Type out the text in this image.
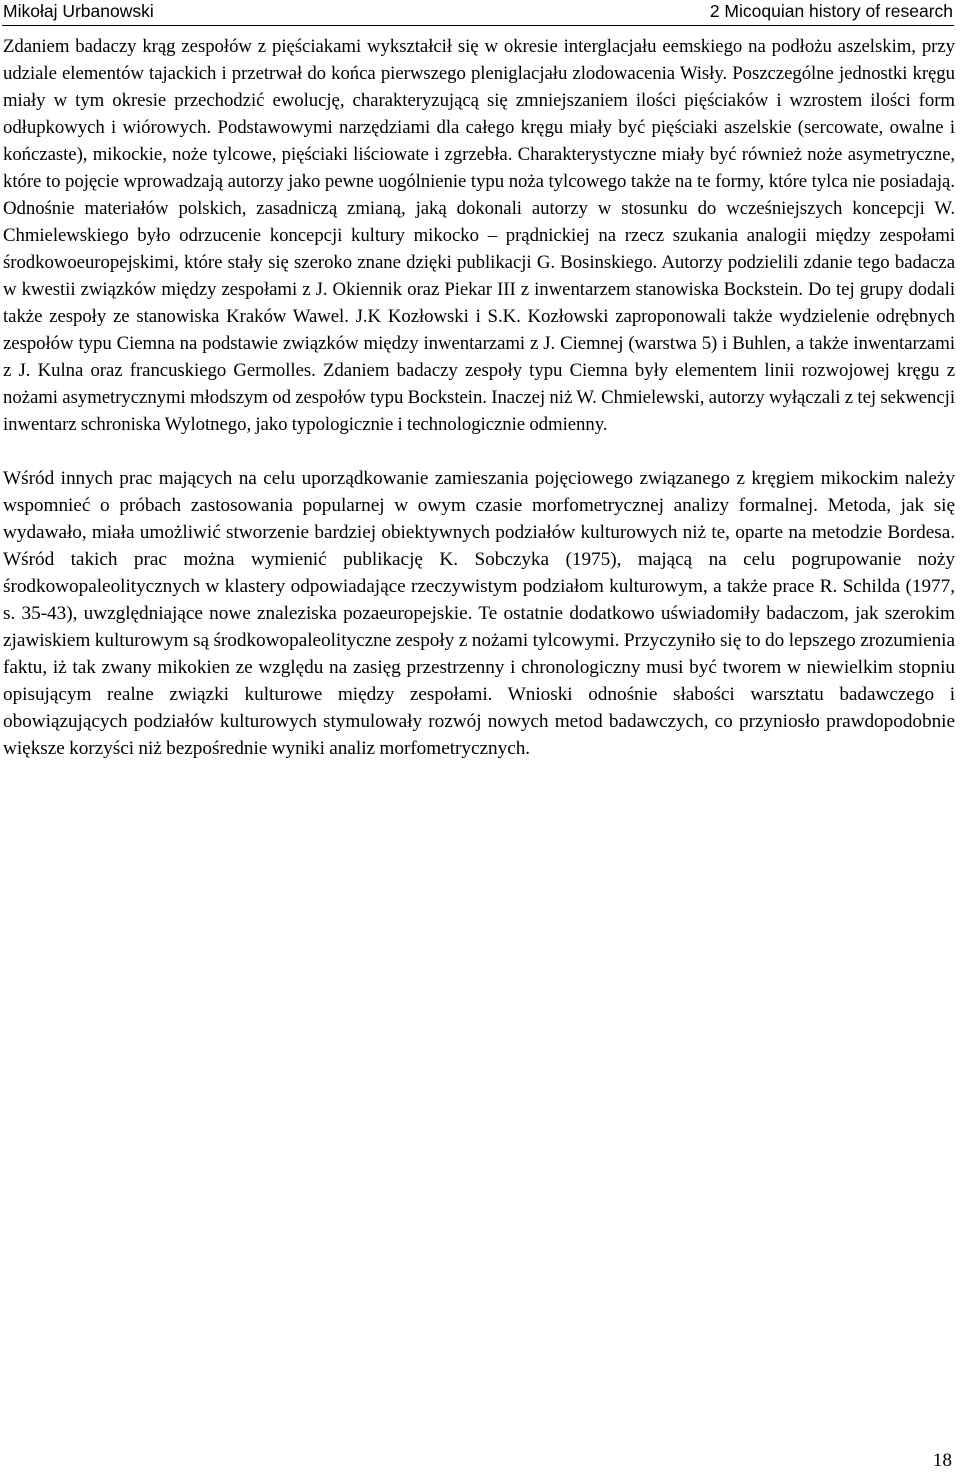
Mikołaj Urbanowski	2 Micoquian history of research

Zdaniem badaczy krąg zespołów z pięściakami wykształcił się w okresie interglacjału eemskiego na podłożu aszelskim, przy udziale elementów tajackich i przetrwał do końca pierwszego pleniglacjału zlodowacenia Wisły. Poszczególne jednostki kręgu miały w tym okresie przechodzić ewolucję, charakteryzującą się zmniejszaniem ilości pięściaków i wzrostem ilości form odłupkowych i wiórowych. Podstawowymi narzędziami dla całego kręgu miały być pięściaki aszelskie (sercowate, owalne i kończaste), mikockie, noże tylcowe, pięściaki liściowate i zgrzebła. Charakterystyczne miały być również noże asymetryczne, które to pojęcie wprowadzają autorzy jako pewne uogólnienie typu noża tylcowego także na te formy, które tylca nie posiadają. Odnośnie materiałów polskich, zasadniczą zmianą, jaką dokonali autorzy w stosunku do wcześniejszych koncepcji W. Chmielewskiego było odrzucenie koncepcji kultury mikocko – prądnickiej na rzecz szukania analogii między zespołami środkowoeuropejskimi, które stały się szeroko znane dzięki publikacji G. Bosinskiego. Autorzy podzielili zdanie tego badacza w kwestii związków między zespołami z J. Okiennik oraz Piekar III z inwentarzem stanowiska Bockstein. Do tej grupy dodali także zespoły ze stanowiska Kraków Wawel. J.K Kozłowski i S.K. Kozłowski zaproponowali także wydzielenie odrębnych zespołów typu Ciemna na podstawie związków między inwentarzami z J. Ciemnej (warstwa 5) i Buhlen, a także inwentarzami z J. Kulna oraz francuskiego Germolles. Zdaniem badaczy zespoły typu Ciemna były elementem linii rozwojowej kręgu z nożami asymetrycznymi młodszym od zespołów typu Bockstein. Inaczej niż W. Chmielewski, autorzy wyłączali z tej sekwencji inwentarz schroniska Wylotnego, jako typologicznie i technologicznie odmienny.

Wśród innych prac mających na celu uporządkowanie zamieszania pojęciowego związanego z kręgiem mikockim należy wspomnieć o próbach zastosowania popularnej w owym czasie morfometrycznej analizy formalnej. Metoda, jak się wydawało, miała umożliwić stworzenie bardziej obiektywnych podziałów kulturowych niż te, oparte na metodzie Bordesa. Wśród takich prac można wymienić publikację K. Sobczyka (1975), mającą na celu pogrupowanie noży środkowopaleolitycznych w klastery odpowiadające rzeczywistym podziałom kulturowym, a także prace R. Schilda (1977, s. 35-43), uwzględniające nowe znaleziska pozaeuropejskie. Te ostatnie dodatkowo uświadomiły badaczom, jak szerokim zjawiskiem kulturowym są środkowopaleolityczne zespoły z nożami tylcowymi. Przyczyniło się to do lepszego zrozumienia faktu, iż tak zwany mikokien ze względu na zasięg przestrzenny i chronologiczny musi być tworem w niewielkim stopniu opisującym realne związki kulturowe między zespołami. Wnioski odnośnie słabości warsztatu badawczego i obowiązujących podziałów kulturowych stymulowały rozwój nowych metod badawczych, co przyniosło prawdopodobnie większe korzyści niż bezpośrednie wyniki analiz morfometrycznych.

18
